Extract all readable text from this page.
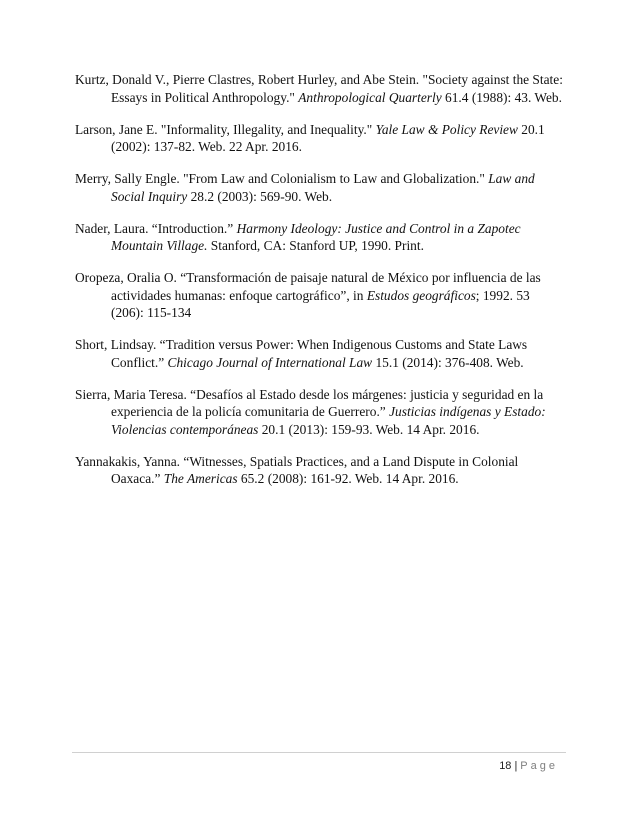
Kurtz, Donald V., Pierre Clastres, Robert Hurley, and Abe Stein. "Society against the State: Essays in Political Anthropology." Anthropological Quarterly 61.4 (1988): 43. Web.

Larson, Jane E. "Informality, Illegality, and Inequality." Yale Law & Policy Review 20.1 (2002): 137-82. Web. 22 Apr. 2016.

Merry, Sally Engle. "From Law and Colonialism to Law and Globalization." Law and Social Inquiry 28.2 (2003): 569-90. Web.

Nader, Laura. “Introduction.” Harmony Ideology: Justice and Control in a Zapotec Mountain Village. Stanford, CA: Stanford UP, 1990. Print.

Oropeza, Oralia O. “Transformación de paisaje natural de México por influencia de las actividades humanas: enfoque cartográfico”, in Estudos geográficos; 1992. 53 (206): 115-134

Short, Lindsay. “Tradition versus Power: When Indigenous Customs and State Laws Conflict.” Chicago Journal of International Law 15.1 (2014): 376-408. Web.

Sierra, Maria Teresa. “Desafíos al Estado desde los márgenes: justicia y seguridad en la experiencia de la policía comunitaria de Guerrero.” Justicias indígenas y Estado: Violencias contemporáneas 20.1 (2013): 159-93. Web. 14 Apr. 2016.

Yannakakis, Yanna. “Witnesses, Spatials Practices, and a Land Dispute in Colonial Oaxaca.” The Americas 65.2 (2008): 161-92. Web. 14 Apr. 2016.

18 | Page
